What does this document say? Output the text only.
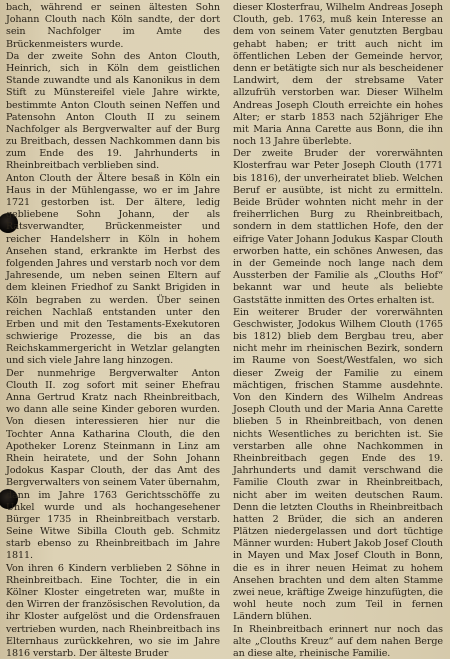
bach, während er seinen ältesten Sohn Johann Clouth nach Köln sandte, der dort sein Nachfolger im Amte des Brückenmeisters wurde.

Da der zweite Sohn des Anton Clouth, Heinrich, sich in Köln dem geistlichen Stande zuwandte und als Kanonikus in dem Stift zu Münstereifel viele Jahre wirkte, bestimmte Anton Clouth seinen Neffen und Patensohn Anton Clouth II zu seinem Nachfolger als Bergverwalter auf der Burg zu Breitbach, dessen Nachkommen dann bis zum Ende des 19. Jahrhunderts in Rheinbreitbach verblieben sind.

Anton Clouth der Ältere besaß in Köln ein Haus in der Mühlengasse, wo er im Jahre 1721 gestorben ist. Der ältere, ledig gebliebene Sohn Johann, der als Ratsverwandter, Brückenmeister und reicher Handelsherr in Köln in hohem Ansehen stand, erkrankte im Herbst des folgenden Jahres und verstarb noch vor dem Jahresende, um neben seinen Eltern auf dem kleinen Friedhof zu Sankt Brigiden in Köln begraben zu werden. Über seinen reichen Nachlaß entstanden unter den Erben und mit den Testaments-Exekutoren schwierige Prozesse, die bis an das Reichskammergericht in Wetzlar gelangten und sich viele Jahre lang hinzogen.

Der nunmehrige Bergverwalter Anton Clouth II. zog sofort mit seiner Ehefrau Anna Gertrud Kratz nach Rheinbreitbach, wo dann alle seine Kinder geboren wurden. Von diesen interessieren hier nur die Tochter Anna Katharina Clouth, die den Apotheker Lorenz Steinmann in Linz am Rhein heiratete, und der Sohn Johann Jodokus Kaspar Clouth, der das Amt des Bergverwalters von seinem Vater übernahm, dann im Jahre 1763 Gerichtsschöffe zu Unkel wurde und als hochangesehener Bürger 1735 in Rheinbreitbach verstarb. Seine Witwe Sibilla Clouth geb. Schmitz starb ebenso zu Rheinbreitbach im Jahre 1811.

Von ihren 6 Kindern verblieben 2 Söhne in Rheinbreitbach. Eine Tochter, die in ein Kölner Kloster eingetreten war, mußte in den Wirren der französischen Revolution, da ihr Kloster aufgelöst und die Ordensfrauen vertrieben wurden, nach Rheinbreitbach ins Elternhaus zurückkehren, wo sie im Jahre 1816 verstarb. Der älteste Bruder

dieser Klosterfrau, Wilhelm Andreas Joseph Clouth, geb. 1763, muß kein Interesse an dem von seinem Vater genutzten Bergbau gehabt haben; er tritt auch nicht im öffentlichen Leben der Gemeinde hervor, denn er betätigte sich nur als bescheidener Landwirt, dem der strebsame Vater allzufrüh verstorben war. Dieser Wilhelm Andreas Joseph Clouth erreichte ein hohes Alter; er starb 1853 nach 52jähriger Ehe mit Maria Anna Carette aus Bonn, die ihn noch 13 Jahre überlebte.

Der zweite Bruder der vorerwähnten Klosterfrau war Peter Joseph Clouth (1771 bis 1816), der unverheiratet blieb. Welchen Beruf er ausübte, ist nicht zu ermitteln. Beide Brüder wohnten nicht mehr in der freiherrlichen Burg zu Rheinbreitbach, sondern in dem stattlichen Hofe, den der eifrige Vater Johann Jodukus Kaspar Clouth erworben hatte, ein schönes Anwesen, das in der Gemeinde noch lange nach dem Aussterben der Familie als „Clouths Hof“ bekannt war und heute als beliebte Gaststätte inmitten des Ortes erhalten ist.

Ein weiterer Bruder der vorerwähnten Geschwister, Jodokus Wilhem Clouth (1765 bis 1812) blieb dem Bergbau treu, aber nicht mehr im rheinischen Bezirk, sondern im Raume von Soest/Westfalen, wo sich dieser Zweig der Familie zu einem mächtigen, frischen Stamme ausdehnte. Von den Kindern des Wilhelm Andreas Joseph Clouth und der Maria Anna Carette blieben 5 in Rheinbreitbach, von denen nichts Wesentliches zu berichten ist. Sie verstarben alle ohne Nachkommen in Rheinbreitbach gegen Ende des 19. Jahrhunderts und damit verschwand die Familie Clouth zwar in Rheinbreitbach, nicht aber im weiten deutschen Raum. Denn die letzten Clouths in Rheinbreitbach hatten 2 Brüder, die sich an anderen Plätzen niedergelassen und dort tüchtige Männer wurden: Hubert Jakob Josef Clouth in Mayen und Max Josef Clouth in Bonn, die es in ihrer neuen Heimat zu hohem Ansehen brachten und dem alten Stamme zwei neue, kräftige Zweige hinzufügten, die wohl heute noch zum Teil in fernen Ländern blühen.

In Rheinbreitbach erinnert nur noch das alte „Clouths Kreuz“ auf dem nahen Berge an diese alte, rheinische Familie.
